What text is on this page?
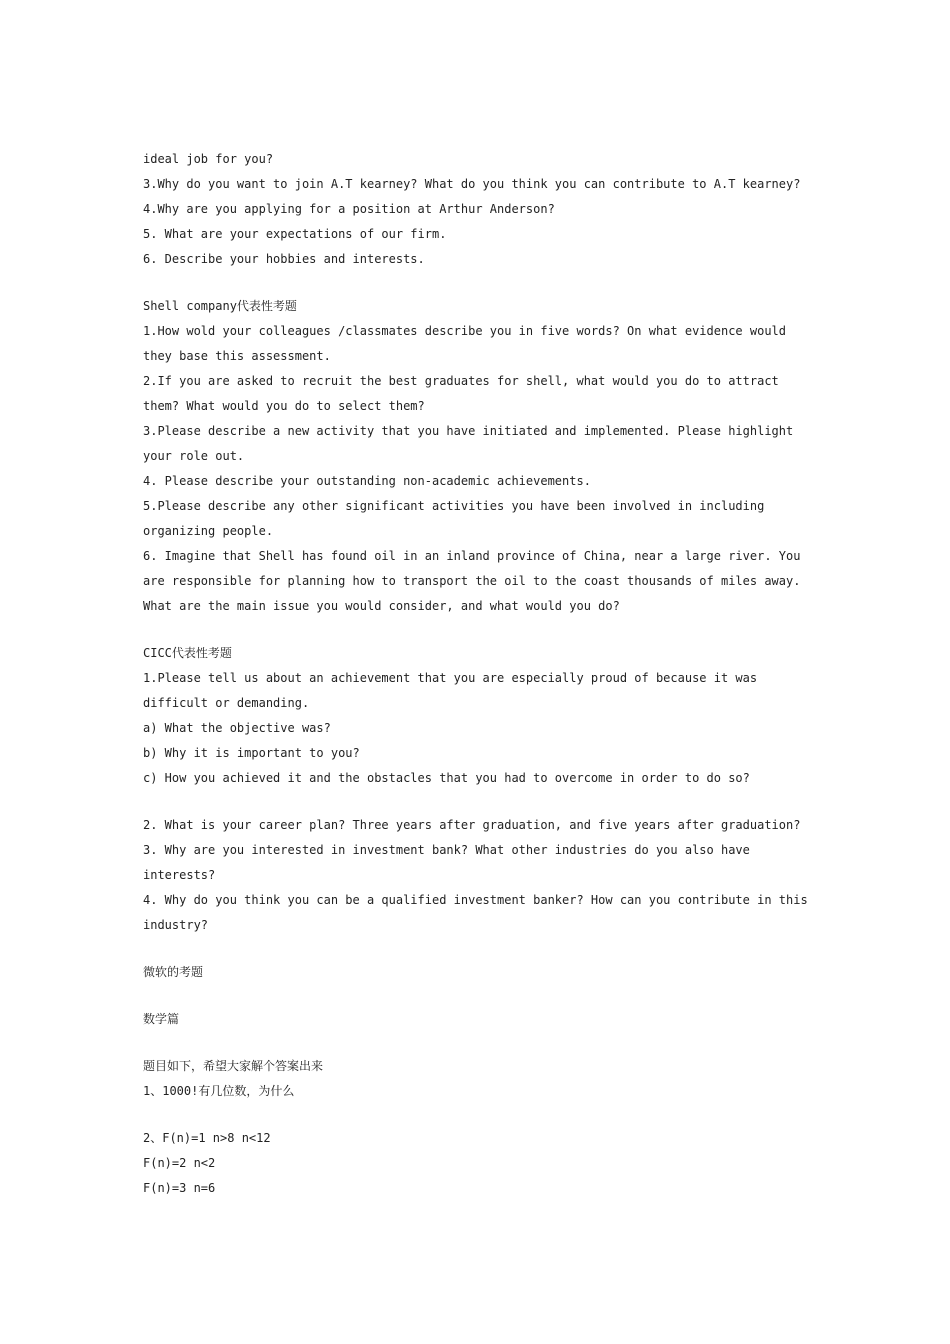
ideal job for you?
3.Why do you want to join A.T kearney? What do you think you can contribute to A.T kearney?
4.Why are you applying for a position at Arthur Anderson?
5. What are your expectations of our firm.
6. Describe your hobbies and interests.
Shell company代表性考题
1.How wold your colleagues /classmates describe you in five words? On what evidence would
they base this assessment.
2.If you are asked to recruit the best graduates for shell, what would you do to attract
them? What would you do to select them?
3.Please describe a new activity that you have initiated and implemented. Please highlight
your role out.
4. Please describe your outstanding non-academic achievements.
5.Please describe any other significant activities you have been involved in including
organizing people.
6. Imagine that Shell has found oil in an inland province of China, near a large river. You
are responsible for planning how to transport the oil to the coast thousands of miles away.
What are the main issue you would consider, and what would you do?
CICC代表性考题
1.Please tell us about an achievement that you are especially proud of because it was
difficult or demanding.
a) What the objective was?
b) Why it is important to you?
c) How you achieved it and the obstacles that you had to overcome in order to do so?
2. What is your career plan? Three years after graduation, and five years after graduation?
3. Why are you interested in investment bank? What other industries do you also have
interests?
4. Why do you think you can be a qualified investment banker? How can you contribute in this
industry?
微软的考题
数学篇
题目如下，希望大家解个答案出来
1、1000!有几位数，为什么
2、F(n)=1 n>8 n<12
F(n)=2 n<2
F(n)=3 n=6
